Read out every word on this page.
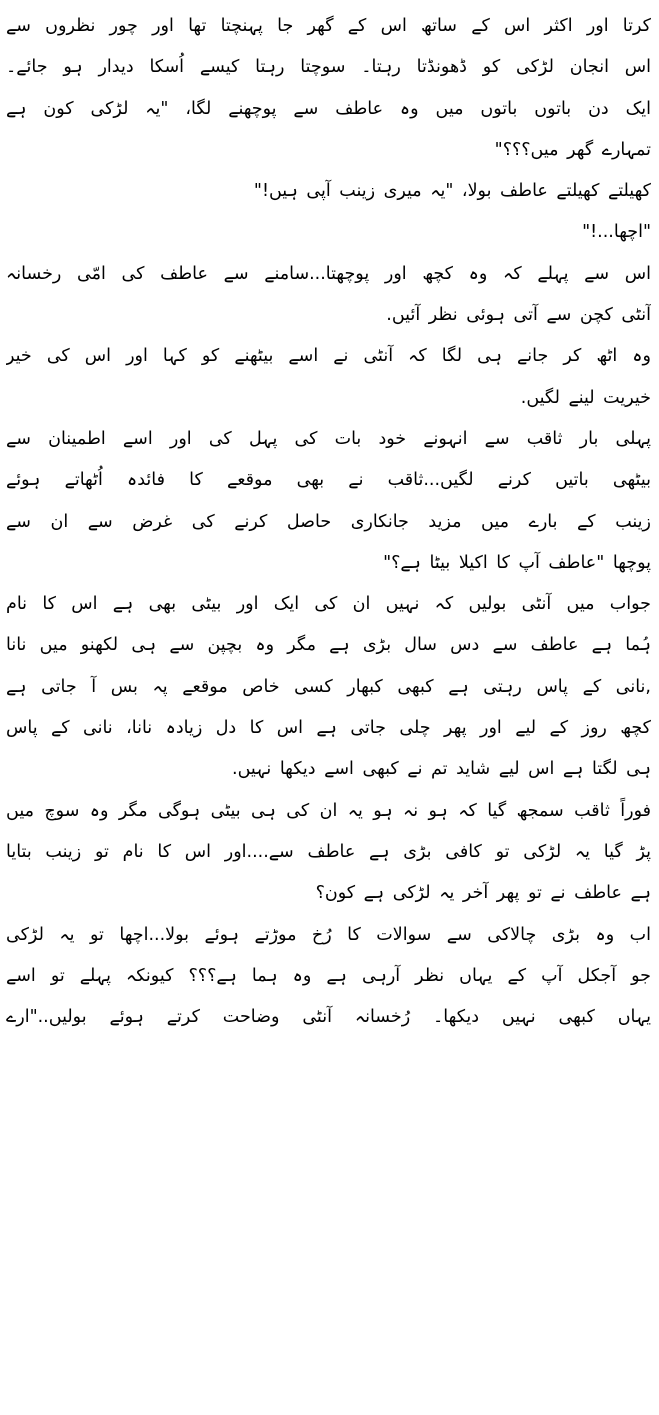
کرتا اور اکثر اس کے ساتھ اس کے گھر جا پہنچتا تھا اور چور نظروں سے
اس انجان لڑکی کو ڈھونڈتا رہتا۔ سوچتا رہتا کیسے اُسکا دیدار ہو جائے۔
ایک دن باتوں باتوں میں وہ عاطف سے پوچھنے لگا، "یہ لڑکی کون ہے
تمہارے گھر میں؟؟؟"
کھیلتے کھیلتے عاطف بولا، "یہ میری زینب آپی ہیں!"
"اچھا...!"
اس سے پہلے کہ وہ کچھ اور پوچھتا...سامنے سے عاطف کی امّی رخسانہ
آنٹی کچن سے آتی ہوئی نظر آئیں.
وہ اٹھ کر جانے ہی لگا کہ آنٹی نے اسے بیٹھنے کو کہا اور اس کی خیر
خیریت لینے لگیں.
پہلی بار ثاقب سے انہونے خود بات کی پہل کی اور اسے اطمینان سے
بیٹھی باتیں کرنے لگیں...ثاقب نے بھی موقعے کا فائدہ اُٹھاتے ہوئے
زینب کے بارے میں مزید جانکاری حاصل کرنے کی غرض سے ان سے
پوچھا "عاطف آپ کا اکیلا بیٹا ہے؟"
جواب میں آنٹی بولیں کہ نہیں ان کی ایک اور بیٹی بھی ہے اس کا نام
ہُما ہے عاطف سے دس سال بڑی ہے مگر وہ بچپن سے ہی لکھنو میں نانا
,نانی کے پاس رہتی ہے کبھی کبھار کسی خاص موقعے پہ بس آ جاتی ہے
کچھ روز کے لیے اور پھر چلی جاتی ہے اس کا دل زیادہ نانا، نانی کے پاس
ہی لگتا ہے اس لیے شاید تم نے کبھی اسے دیکھا نہیں.
فوراً ثاقب سمجھ گیا کہ ہو نہ ہو یہ ان کی ہی بیٹی ہوگی مگر وہ سوچ میں
پڑ گیا یہ لڑکی تو کافی بڑی ہے عاطف سے....اور اس کا نام تو زینب بتایا
ہے عاطف نے تو پھر آخر یہ لڑکی ہے کون؟
اب وہ بڑی چالاکی سے سوالات کا رُخ موڑتے ہوئے بولا...اچھا تو یہ لڑکی
جو آجکل آپ کے یہاں نظر آرہی ہے وہ ہما ہے؟؟؟ کیونکہ پہلے تو اسے
یہاں کبھی نہیں دیکھا۔ رُخسانہ آنٹی وضاحت کرتے ہوئے بولیں.."ارے
